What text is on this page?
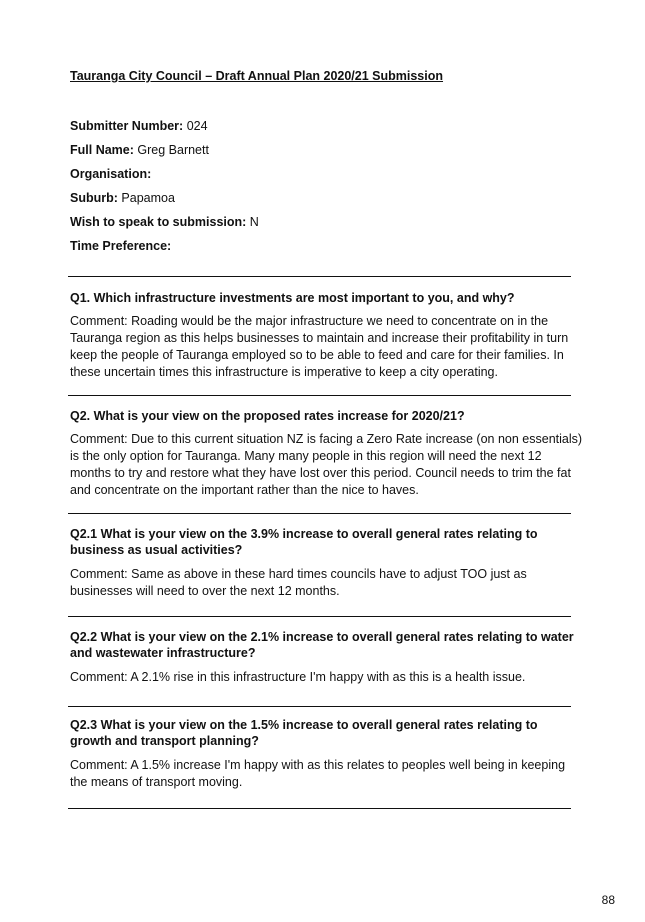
Tauranga City Council – Draft Annual Plan 2020/21 Submission
Submitter Number: 024
Full Name: Greg Barnett
Organisation:
Suburb: Papamoa
Wish to speak to submission: N
Time Preference:
Q1. Which infrastructure investments are most important to you, and why?
Comment: Roading would be the major infrastructure we need to concentrate on in the
Tauranga region as this helps businesses to maintain and increase their profitability in turn
keep the people of Tauranga employed so to be able to feed and care for their families. In
these uncertain times this infrastructure is imperative to keep a city operating.
Q2. What is your view on the proposed rates increase for 2020/21?
Comment: Due to this current situation NZ is facing a Zero Rate increase (on non essentials)
is the only option for Tauranga. Many many people in this region will need the next 12
months to try and restore what they have lost over this period. Council needs to trim the fat
and concentrate on the important rather than the nice to haves.
Q2.1 What is your view on the 3.9% increase to overall general rates relating to business as usual activities?
Comment: Same as above in these hard times councils have to adjust TOO just as
businesses will need to over the next 12 months.
Q2.2 What is your view on the 2.1% increase to overall general rates relating to water and wastewater infrastructure?
Comment: A 2.1% rise in this infrastructure I'm happy with as this is a health issue.
Q2.3 What is your view on the 1.5% increase to overall general rates relating to growth and transport planning?
Comment: A 1.5% increase I'm happy with as this relates to peoples well being in keeping
the means of transport moving.
88
